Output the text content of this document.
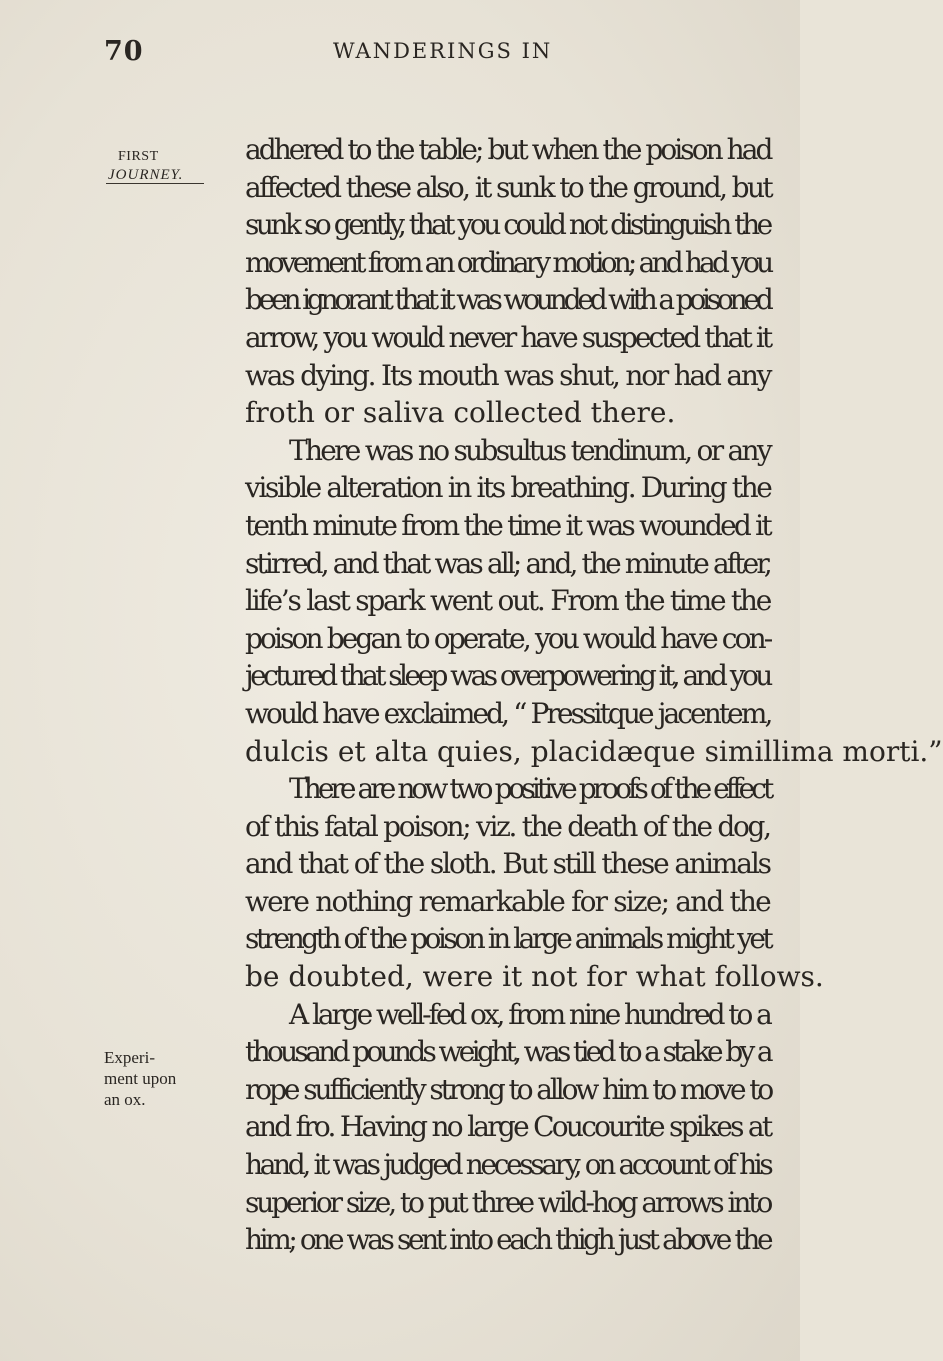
70	WANDERINGS IN
FIRST
JOURNEY.
Experi-
ment upon
an ox.
adhered to the table; but when the poison had
affected these also, it sunk to the ground, but
sunk so gently, that you could not distinguish the
movement from an ordinary motion; and had you
been ignorant that it was wounded with a poisoned
arrow, you would never have suspected that it
was dying. Its mouth was shut, nor had any
froth or saliva collected there.
There was no subsultus tendinum, or any
visible alteration in its breathing. During the
tenth minute from the time it was wounded it
stirred, and that was all; and, the minute after,
life’s last spark went out. From the time the
poison began to operate, you would have con-
jectured that sleep was overpowering it, and you
would have exclaimed, “ Pressitque jacentem,
dulcis et alta quies, placidæque simillima morti.”
There are now two positive proofs of the effect
of this fatal poison; viz. the death of the dog,
and that of the sloth. But still these animals
were nothing remarkable for size; and the
strength of the poison in large animals might yet
be doubted, were it not for what follows.
A large well-fed ox, from nine hundred to a
thousand pounds weight, was tied to a stake by a
rope sufficiently strong to allow him to move to
and fro. Having no large Coucourite spikes at
hand, it was judged necessary, on account of his
superior size, to put three wild-hog arrows into
him; one was sent into each thigh just above the
